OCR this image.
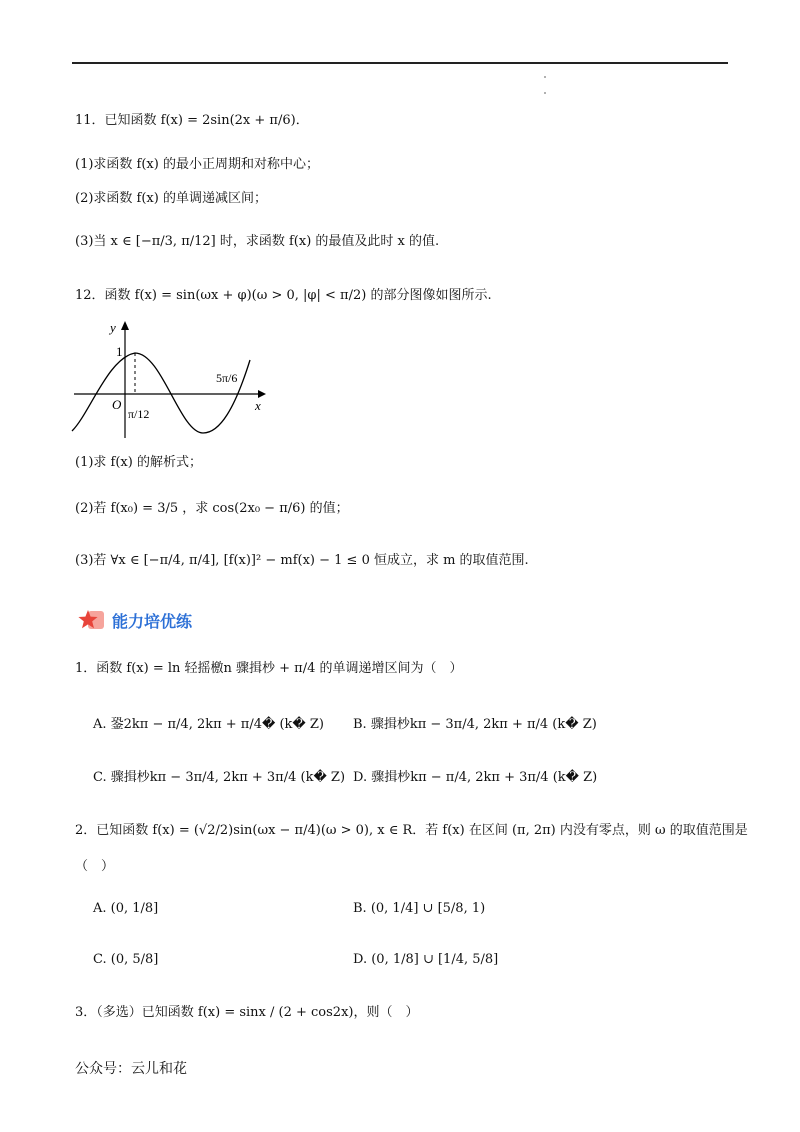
11．已知函数 f(x) = 2sin(2x + π/6)．
(1)求函数 f(x) 的最小正周期和对称中心；
(2)求函数 f(x) 的单调递减区间；
(3)当 x ∈ [−π/3, π/12] 时，求函数 f(x) 的最值及此时 x 的值.
12．函数 f(x) = sin(ωx + φ)(ω > 0, |φ| < π/2) 的部分图像如图所示.
y
x
O
1
π/12
5π/6
(1)求 f(x) 的解析式；
(2)若 f(x₀) = 3/5 ，求 cos(2x₀ − π/6) 的值；
(3)若 ∀x ∈ [−π/4, π/4], [f(x)]² − mf(x) − 1 ≤ 0 恒成立，求 m 的取值范围.
能力培优练
1．函数 f(x) = ln 轻摇檄n 骤揖杪 + π/4 的单调递增区间为（　）
A. 銎2kπ − π/4, 2kπ + π/4� (k� Z) B. 骤揖杪kπ − 3π/4, 2kπ + π/4 (k� Z)
C. 骤揖杪kπ − 3π/4, 2kπ + 3π/4 (k� Z) D. 骤揖杪kπ − π/4, 2kπ + 3π/4 (k� Z)
2．已知函数 f(x) = (√2/2)sin(ωx − π/4)(ω > 0), x ∈ R．若 f(x) 在区间 (π, 2π) 内没有零点，则 ω 的取值范围是
（　）
A. (0, 1/8]	B. (0, 1/4] ∪ [5/8, 1)
C. (0, 5/8]	D. (0, 1/8] ∪ [1/4, 5/8]
3．（多选）已知函数 f(x) = sinx / (2 + cos2x)，则（　）
公众号：云儿和花
